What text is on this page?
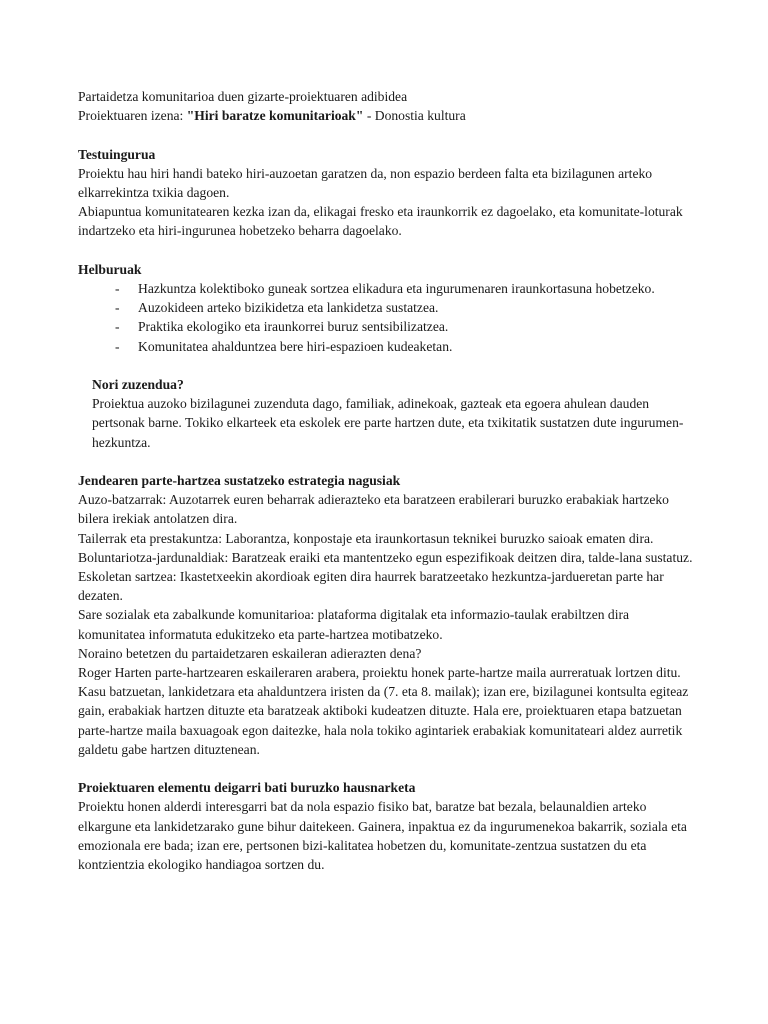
Partaidetza komunitarioa duen gizarte-proiektuaren adibidea

Proiektuaren izena: "Hiri baratze komunitarioak" - Donostia kultura

Testuingurua

Proiektu hau hiri handi bateko hiri-auzoetan garatzen da, non espazio berdeen falta eta bizilagunen arteko elkarrekintza txikia dagoen.

Abiapuntua komunitatearen kezka izan da, elikagai fresko eta iraunkorrik ez dagoelako, eta komunitate-loturak indartzeko eta hiri-ingurunea hobetzeko beharra dagoelako.

Helburuak

- Hazkuntza kolektiboko guneak sortzea elikadura eta ingurumenaren iraunkortasuna hobetzeko.
- Auzokideen arteko bizikidetza eta lankidetza sustatzea.
- Praktika ekologiko eta iraunkorrei buruz sentsibilizatzea.
- Komunitatea ahalduntzea bere hiri-espazioen kudeaketan.

Nori zuzendua?

Proiektua auzoko bizilagunei zuzenduta dago, familiak, adinekoak, gazteak eta egoera ahulean dauden pertsonak barne. Tokiko elkarteek eta eskolek ere parte hartzen dute, eta txikitatik sustatzen dute ingurumen-hezkuntza.

Jendearen parte-hartzea sustatzeko estrategia nagusiak

Auzo-batzarrak: Auzotarrek euren beharrak adierazteko eta baratzeen erabilerari buruzko erabakiak hartzeko bilera irekiak antolatzen dira.

Tailerrak eta prestakuntza: Laborantza, konpostaje eta iraunkortasun teknikei buruzko saioak ematen dira.

Boluntariotza-jardunaldiak: Baratzeak eraiki eta mantentzeko egun espezifikoak deitzen dira, talde-lana sustatuz.

Eskoletan sartzea: Ikastetxeekin akordioak egiten dira haurrek baratzeetako hezkuntza-jardueretan parte har dezaten.

Sare sozialak eta zabalkunde komunitarioa: plataforma digitalak eta informazio-taulak erabiltzen dira komunitatea informatuta edukitzeko eta parte-hartzea motibatzeko.

Noraino betetzen du partaidetzaren eskaileran adierazten dena?

Roger Harten parte-hartzearen eskaileraren arabera, proiektu honek parte-hartze maila aurreratuak lortzen ditu. Kasu batzuetan, lankidetzara eta ahalduntzera iristen da (7. eta 8. mailak); izan ere, bizilagunei kontsulta egiteaz gain, erabakiak hartzen dituzte eta baratzeak aktiboki kudeatzen dituzte. Hala ere, proiektuaren etapa batzuetan parte-hartze maila baxuagoak egon daitezke, hala nola tokiko agintariek erabakiak komunitateari aldez aurretik galdetu gabe hartzen dituztenean.

Proiektuaren elementu deigarri bati buruzko hausnarketa

Proiektu honen alderdi interesgarri bat da nola espazio fisiko bat, baratze bat bezala, belaunaldien arteko elkargune eta lankidetzarako gune bihur daitekeen. Gainera, inpaktua ez da ingurumenekoa bakarrik, soziala eta emozionala ere bada; izan ere, pertsonen bizi-kalitatea hobetzen du, komunitate-zentzua sustatzen du eta kontzientzia ekologiko handiagoa sortzen du.
